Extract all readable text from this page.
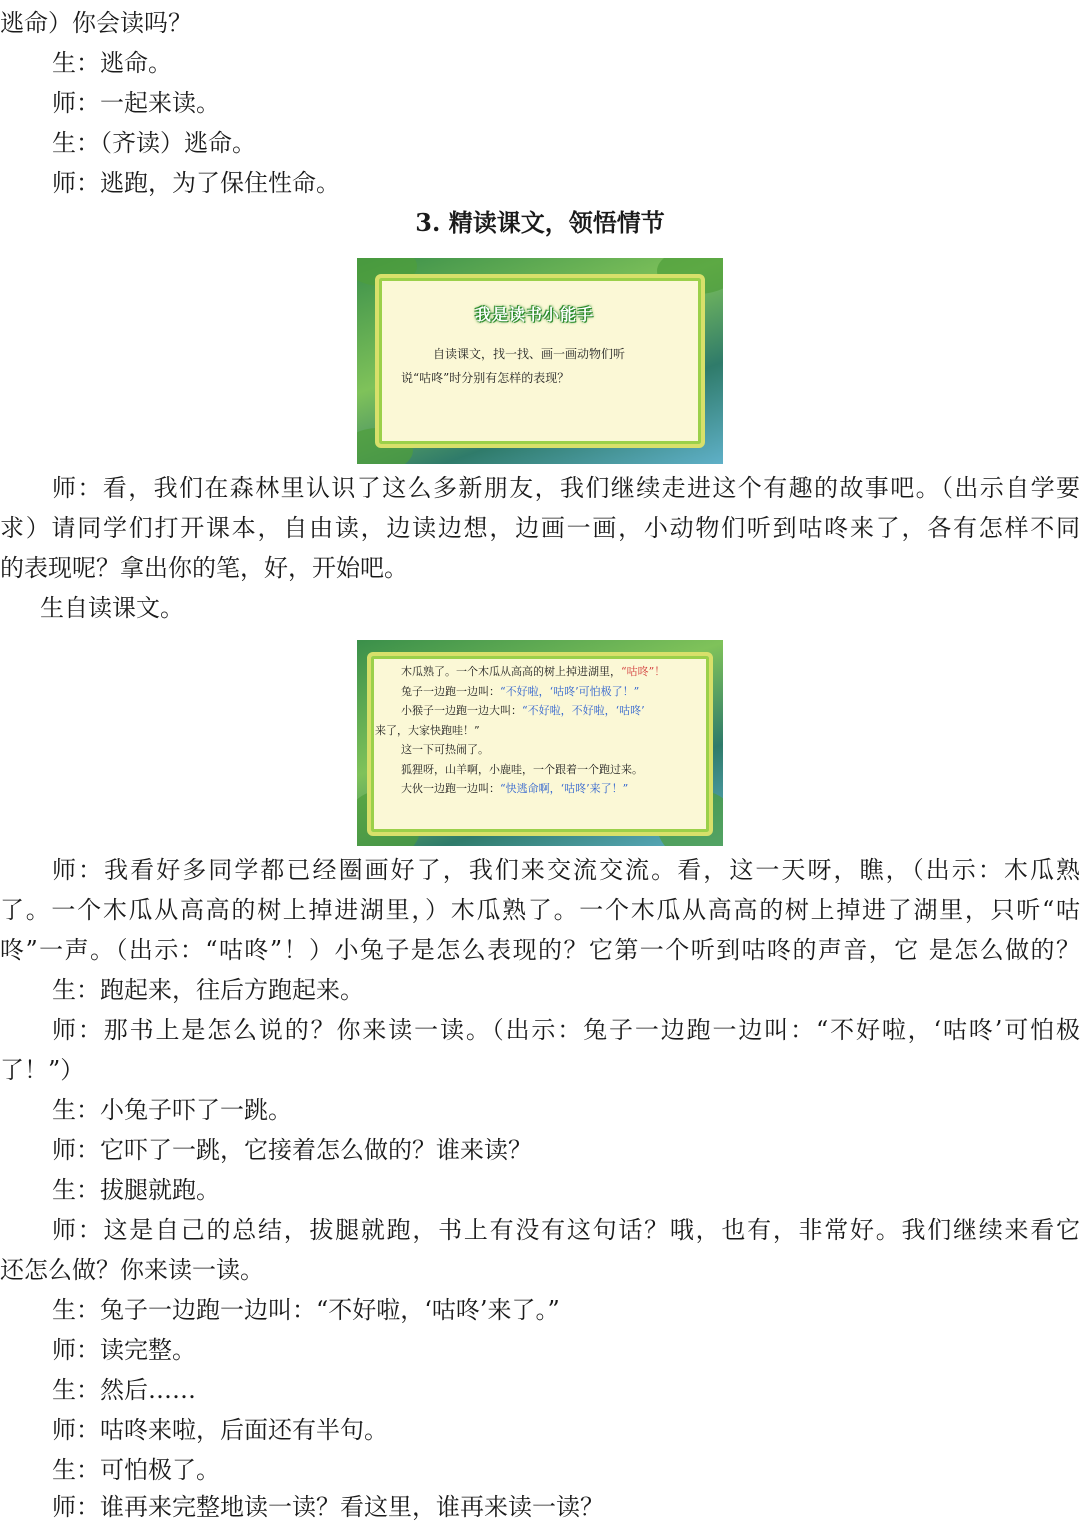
逃命）你会读吗？
生：逃命。
师：一起来读。
生：（齐读）逃命。
师：逃跑，为了保住性命。
3. 精读课文，领悟情节
我是读书小能手
自读课文，找一找、画一画动物们听
说“咕咚”时分别有怎样的表现？
师：看，我们在森林里认识了这么多新朋友，我们继续走进这个有趣的故事吧。（出示自学要
求）请同学们打开课本，自由读，边读边想，边画一画，小动物们听到咕咚来了，各有怎样不同
的表现呢？拿出你的笔，好，开始吧。
生自读课文。
木瓜熟了。一个木瓜从高高的树上掉进湖里，“咕咚”！
兔子一边跑一边叫：“不好啦，‘咕咚’可怕极了！”
小猴子一边跑一边大叫：“不好啦，不好啦，‘咕咚’
来了，大家快跑哇！”
这一下可热闹了。
狐狸呀，山羊啊，小鹿哇，一个跟着一个跑过来。
大伙一边跑一边叫：“快逃命啊，‘咕咚’来了！”
师：我看好多同学都已经圈画好了，我们来交流交流。看，这一天呀，瞧，（出示：木瓜熟
了。一个木瓜从高高的树上掉进湖里，）木瓜熟了。一个木瓜从高高的树上掉进了湖里，只听“咕
咚”一声。（出示：“咕咚”！）小兔子是怎么表现的？它第一个听到咕咚的声音，它 是怎么做的？
生：跑起来，往后方跑起来。
师：那书上是怎么说的？你来读一读。（出示：兔子一边跑一边叫：“不好啦，‘咕咚’可怕极
了！”）
生：小兔子吓了一跳。
师：它吓了一跳，它接着怎么做的？谁来读？
生：拔腿就跑。
师：这是自己的总结，拔腿就跑，书上有没有这句话？哦，也有，非常好。我们继续来看它
还怎么做？你来读一读。
生：兔子一边跑一边叫：“不好啦，‘咕咚’来了。”
师：读完整。
生：然后……
师：咕咚来啦，后面还有半句。
生：可怕极了。
师：谁再来完整地读一读？看这里，谁再来读一读？
